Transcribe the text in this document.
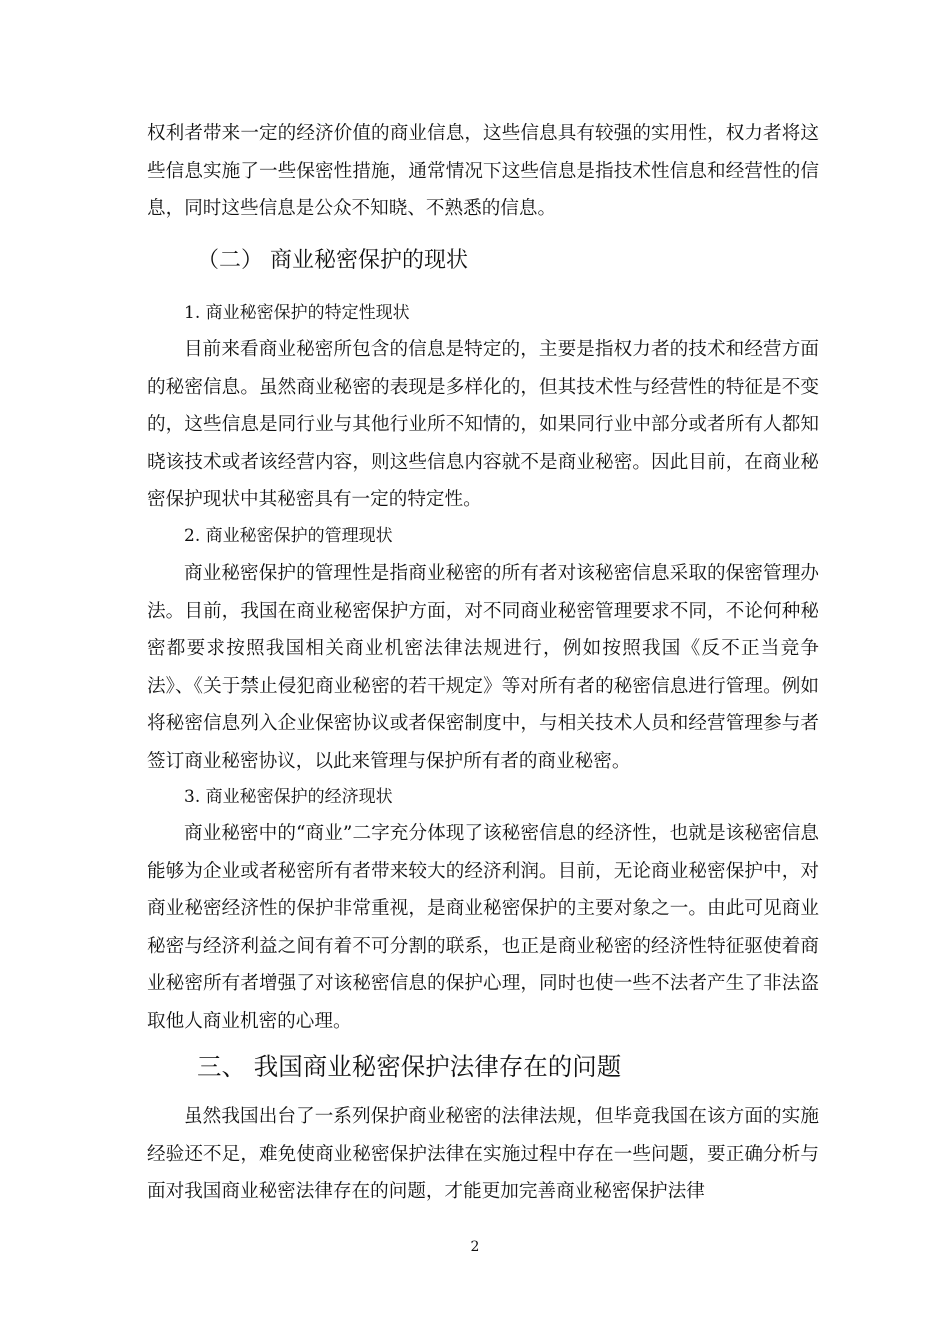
权利者带来一定的经济价值的商业信息，这些信息具有较强的实用性，权力者将这些信息实施了一些保密性措施，通常情况下这些信息是指技术性信息和经营性的信息，同时这些信息是公众不知晓、不熟悉的信息。

（二） 商业秘密保护的现状
1. 商业秘密保护的特定性现状

目前来看商业秘密所包含的信息是特定的，主要是指权力者的技术和经营方面的秘密信息。虽然商业秘密的表现是多样化的，但其技术性与经营性的特征是不变的，这些信息是同行业与其他行业所不知情的，如果同行业中部分或者所有人都知晓该技术或者该经营内容，则这些信息内容就不是商业秘密。因此目前，在商业秘密保护现状中其秘密具有一定的特定性。

2. 商业秘密保护的管理现状

商业秘密保护的管理性是指商业秘密的所有者对该秘密信息采取的保密管理办法。目前，我国在商业秘密保护方面，对不同商业秘密管理要求不同，不论何种秘密都要求按照我国相关商业机密法律法规进行，例如按照我国《反不正当竞争法》、《关于禁止侵犯商业秘密的若干规定》等对所有者的秘密信息进行管理。例如将秘密信息列入企业保密协议或者保密制度中，与相关技术人员和经营管理参与者签订商业秘密协议，以此来管理与保护所有者的商业秘密。

3. 商业秘密保护的经济现状

商业秘密中的“商业”二字充分体现了该秘密信息的经济性，也就是该秘密信息能够为企业或者秘密所有者带来较大的经济利润。目前，无论商业秘密保护中，对商业秘密经济性的保护非常重视，是商业秘密保护的主要对象之一。由此可见商业秘密与经济利益之间有着不可分割的联系，也正是商业秘密的经济性特征驱使着商业秘密所有者增强了对该秘密信息的保护心理，同时也使一些不法者产生了非法盗取他人商业机密的心理。

三、 我国商业秘密保护法律存在的问题

虽然我国出台了一系列保护商业秘密的法律法规，但毕竟我国在该方面的实施经验还不足，难免使商业秘密保护法律在实施过程中存在一些问题，要正确分析与面对我国商业秘密法律存在的问题，才能更加完善商业秘密保护法律

2
